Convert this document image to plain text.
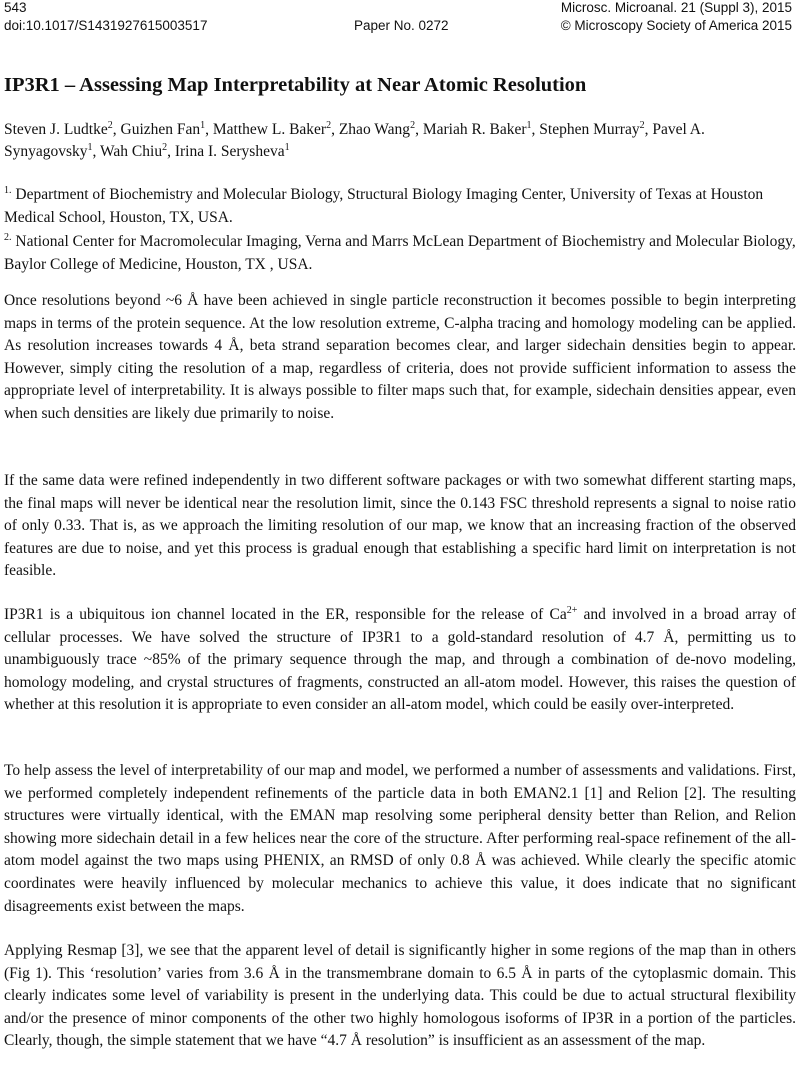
543
doi:10.1017/S1431927615003517	Paper No. 0272
Microsc. Microanal. 21 (Suppl 3), 2015
© Microscopy Society of America 2015
IP3R1 – Assessing Map Interpretability at Near Atomic Resolution
Steven J. Ludtke$^2$, Guizhen Fan$^1$, Matthew L. Baker$^2$, Zhao Wang$^2$, Mariah R. Baker$^1$, Stephen Murray$^2$, Pavel A. Synyagovsky$^1$, Wah Chiu$^2$, Irina I. Serysheva$^1$
$^{1.}$ Department of Biochemistry and Molecular Biology, Structural Biology Imaging Center, University of Texas at Houston Medical School, Houston, TX, USA.
$^{2.}$ National Center for Macromolecular Imaging, Verna and Marrs McLean Department of Biochemistry and Molecular Biology, Baylor College of Medicine, Houston, TX , USA.
Once resolutions beyond ~6 Å have been achieved in single particle reconstruction it becomes possible to begin interpreting maps in terms of the protein sequence. At the low resolution extreme, C-alpha tracing and homology modeling can be applied. As resolution increases towards 4 Å, beta strand separation becomes clear, and larger sidechain densities begin to appear. However, simply citing the resolution of a map, regardless of criteria, does not provide sufficient information to assess the appropriate level of interpretability. It is always possible to filter maps such that, for example, sidechain densities appear, even when such densities are likely due primarily to noise.
If the same data were refined independently in two different software packages or with two somewhat different starting maps, the final maps will never be identical near the resolution limit, since the 0.143 FSC threshold represents a signal to noise ratio of only 0.33. That is, as we approach the limiting resolution of our map, we know that an increasing fraction of the observed features are due to noise, and yet this process is gradual enough that establishing a specific hard limit on interpretation is not feasible.
IP3R1 is a ubiquitous ion channel located in the ER, responsible for the release of $Ca^{2+}$ and involved in a broad array of cellular processes. We have solved the structure of IP3R1 to a gold-standard resolution of 4.7 Å, permitting us to unambiguously trace ~85% of the primary sequence through the map, and through a combination of de-novo modeling, homology modeling, and crystal structures of fragments, constructed an all-atom model. However, this raises the question of whether at this resolution it is appropriate to even consider an all-atom model, which could be easily over-interpreted.
To help assess the level of interpretability of our map and model, we performed a number of assessments and validations. First, we performed completely independent refinements of the particle data in both EMAN2.1 [1] and Relion [2]. The resulting structures were virtually identical, with the EMAN map resolving some peripheral density better than Relion, and Relion showing more sidechain detail in a few helices near the core of the structure. After performing real-space refinement of the all-atom model against the two maps using PHENIX, an RMSD of only 0.8 Å was achieved. While clearly the specific atomic coordinates were heavily influenced by molecular mechanics to achieve this value, it does indicate that no significant disagreements exist between the maps.
Applying Resmap [3], we see that the apparent level of detail is significantly higher in some regions of the map than in others (Fig 1). This ‘resolution’ varies from 3.6 Å in the transmembrane domain to 6.5 Å in parts of the cytoplasmic domain. This clearly indicates some level of variability is present in the underlying data. This could be due to actual structural flexibility and/or the presence of minor components of the other two highly homologous isoforms of IP3R in a portion of the particles. Clearly, though, the simple statement that we have “4.7 Å resolution” is insufficient as an assessment of the map.
